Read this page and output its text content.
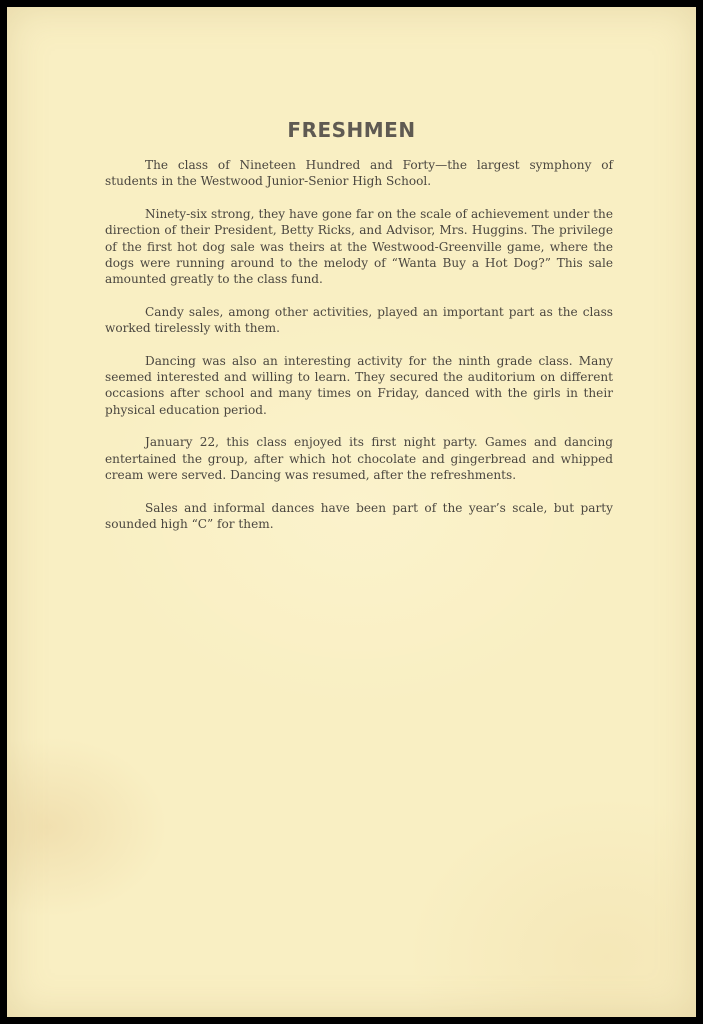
FRESHMEN

The class of Nineteen Hundred and Forty—the largest symphony of students in the Westwood Junior-Senior High School.

Ninety-six strong, they have gone far on the scale of achievement under the direction of their President, Betty Ricks, and Advisor, Mrs. Huggins. The privilege of the first hot dog sale was theirs at the Westwood-Greenville game, where the dogs were running around to the melody of “Wanta Buy a Hot Dog?” This sale amounted greatly to the class fund.

Candy sales, among other activities, played an important part as the class worked tirelessly with them.

Dancing was also an interesting activity for the ninth grade class. Many seemed interested and willing to learn. They secured the auditorium on different occasions after school and many times on Friday, danced with the girls in their physical education period.

January 22, this class enjoyed its first night party. Games and dancing entertained the group, after which hot chocolate and gingerbread and whipped cream were served. Dancing was resumed, after the refreshments.

Sales and informal dances have been part of the year’s scale, but party sounded high “C” for them.
